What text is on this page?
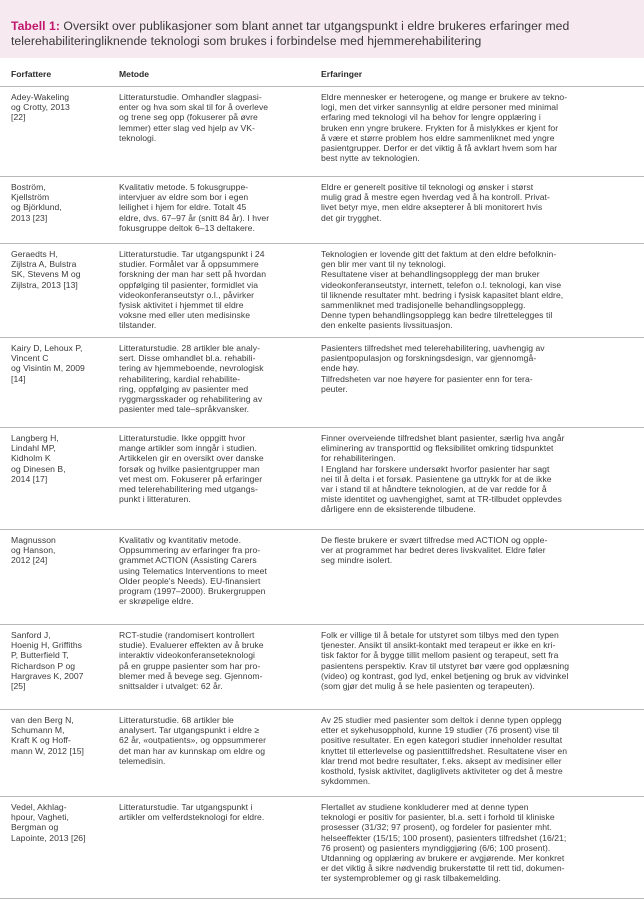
Tabell 1: Oversikt over publikasjoner som blant annet tar utgangspunkt i eldre brukeres erfaringer med telerehabiliteringliknende teknologi som brukes i forbindelse med hjemmerehabilitering
Forfattere	Metode	Erfaringer
Adey-Wakeling
og Crotty, 2013
[22]
Litteraturstudie. Omhandler slagpasi-
enter og hva som skal til for å overleve
og trene seg opp (fokuserer på øvre
lemmer) etter slag ved hjelp av VK-
teknologi.
Eldre mennesker er heterogene, og mange er brukere av tekno-
logi, men det virker sannsynlig at eldre personer med minimal
erfaring med teknologi vil ha behov for lengre opplæring i
bruken enn yngre brukere. Frykten for å mislykkes er kjent for
å være et større problem hos eldre sammenliknet med yngre
pasientgrupper. Derfor er det viktig å få avklart hvem som har
best nytte av teknologien.
Boström,
Kjellström
og Björklund,
2013 [23]
Kvalitativ metode. 5 fokusgruppe-
intervjuer av eldre som bor i egen
leilighet i hjem for eldre. Totalt 45
eldre, dvs. 67–97 år (snitt 84 år). I hver
fokusgruppe deltok 6–13 deltakere.
Eldre er generelt positive til teknologi og ønsker i størst
mulig grad å mestre egen hverdag ved å ha kontroll. Privat-
livet betyr mye, men eldre aksepterer å bli monitorert hvis
det gir trygghet.
Geraedts H,
Zijlstra A, Bulstra
SK, Stevens M og
Zijlstra, 2013 [13]
Litteraturstudie. Tar utgangspunkt i 24
studier. Formålet var å oppsummere
forskning der man har sett på hvordan
oppfølging til pasienter, formidlet via
videokonferanseutstyr o.l., påvirker
fysisk aktivitet i hjemmet til eldre
voksne med eller uten medisinske
tilstander.
Teknologien er lovende gitt det faktum at den eldre befolknin-
gen blir mer vant til ny teknologi.
Resultatene viser at behandlingsopplegg der man bruker
videokonferanseutstyr, internett, telefon o.l. teknologi, kan vise
til liknende resultater mht. bedring i fysisk kapasitet blant eldre,
sammenliknet med tradisjonelle behandlingsopplegg.
Denne typen behandlingsopplegg kan bedre tilrettelegges til
den enkelte pasients livssituasjon.
Kairy D, Lehoux P,
Vincent C
og Visintin M, 2009
[14]
Litteraturstudie. 28 artikler ble analy-
sert. Disse omhandlet bl.a. rehabili-
tering av hjemmeboende, nevrologisk
rehabilitering, kardial rehabilite-
ring, oppfølging av pasienter med
ryggmargsskader og rehabilitering av
pasienter med tale–språkvansker.
Pasienters tilfredshet med telerehabilitering, uavhengig av
pasientpopulasjon og forskningsdesign, var gjennomgå-
ende høy.
Tilfredsheten var noe høyere for pasienter enn for tera-
peuter.
Langberg H,
Lindahl MP,
Kidholm K
og Dinesen B,
2014 [17]
Litteraturstudie. Ikke oppgitt hvor
mange artikler som inngår i studien.
Artikkelen gir en oversikt over danske
forsøk og hvilke pasientgrupper man
vet mest om. Fokuserer på erfaringer
med telerehabilitering med utgangs-
punkt i litteraturen.
Finner overveiende tilfredshet blant pasienter, særlig hva angår
eliminering av transporttid og fleksibilitet omkring tidspunktet
for rehabiliteringen.
I England har forskere undersøkt hvorfor pasienter har sagt
nei til å delta i et forsøk. Pasientene ga uttrykk for at de ikke
var i stand til at håndtere teknologien, at de var redde for å
miste identitet og uavhengighet, samt at TR-tilbudet opplevdes
dårligere enn de eksisterende tilbudene.
Magnusson
og Hanson,
2012 [24]
Kvalitativ og kvantitativ metode.
Oppsummering av erfaringer fra pro-
grammet ACTION (Assisting Carers
using Telematics Interventions to meet
Older people's Needs). EU-finansiert
program (1997–2000). Brukergruppen
er skrøpelige eldre.
De fleste brukere er svært tilfredse med ACTION og opple-
ver at programmet har bedret deres livskvalitet. Eldre føler
seg mindre isolert.
Sanford J,
Hoenig H, Griffiths
P, Butterfield T,
Richardson P og
Hargraves K, 2007
[25]
RCT-studie (randomisert kontrollert
studie). Evaluerer effekten av å bruke
interaktiv videokonferanseteknologi
på en gruppe pasienter som har pro-
blemer med å bevege seg. Gjennom-
snittsalder i utvalget: 62 år.
Folk er villige til å betale for utstyret som tilbys med den typen
tjenester. Ansikt til ansikt-kontakt med terapeut er ikke en kri-
tisk faktor for å bygge tillit mellom pasient og terapeut, sett fra
pasientens perspektiv. Krav til utstyret bør være god opplæsning
(video) og kontrast, god lyd, enkel betjening og bruk av vidvinkel
(som gjør det mulig å se hele pasienten og terapeuten).
van den Berg N,
Schumann M,
Kraft K og Hoff-
mann W, 2012 [15]
Litteraturstudie. 68 artikler ble
analysert. Tar utgangspunkt i eldre ≥
62 år, «outpatients», og oppsummerer
det man har av kunnskap om eldre og
telemedisin.
Av 25 studier med pasienter som deltok i denne typen opplegg
etter et sykehusopphold, kunne 19 studier (76 prosent) vise til
positive resultater. En egen kategori studier inneholder resultat
knyttet til etterlevelse og pasienttilfredshet. Resultatene viser en
klar trend mot bedre resultater, f.eks. aksept av medisiner eller
kosthold, fysisk aktivitet, dagliglivets aktiviteter og det å mestre
sykdommen.
Vedel, Akhlag-
hpour, Vagheti,
Bergman og
Lapointe, 2013 [26]
Litteraturstudie. Tar utgangspunkt i
artikler om velferdsteknologi for eldre.
Flertallet av studiene konkluderer med at denne typen
teknologi er positiv for pasienter, bl.a. sett i forhold til kliniske
prosesser (31/32; 97 prosent), og fordeler for pasienter mht.
helseeffekter (15/15; 100 prosent), pasienters tilfredshet (16/21;
76 prosent) og pasienters myndiggjøring (6/6; 100 prosent).
Utdanning og opplæring av brukere er avgjørende. Mer konkret
er det viktig å sikre nødvendig brukerstøtte til rett tid, dokumen-
ter systemproblemer og gi rask tilbakemelding.
